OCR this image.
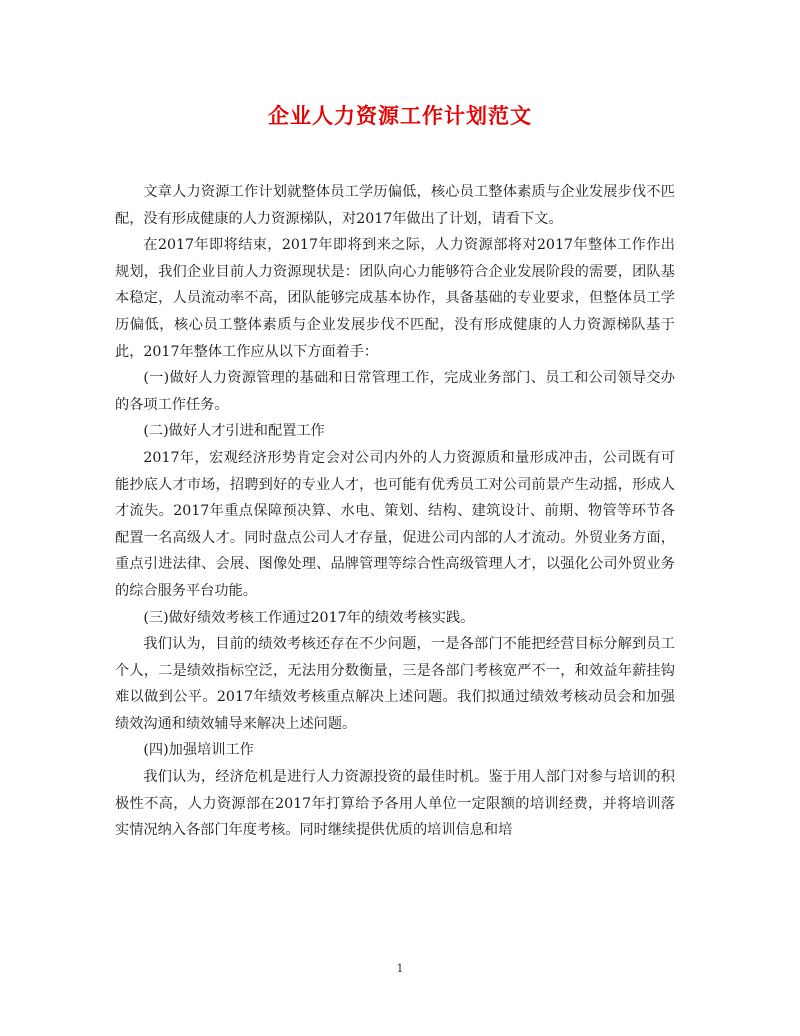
企业人力资源工作计划范文

文章人力资源工作计划就整体员工学历偏低，核心员工整体素质与企业发展步伐不匹配，没有形成健康的人力资源梯队，对2017年做出了计划，请看下文。

在2017年即将结束，2017年即将到来之际，人力资源部将对2017年整体工作作出规划，我们企业目前人力资源现状是：团队向心力能够符合企业发展阶段的需要，团队基本稳定，人员流动率不高，团队能够完成基本协作，具备基础的专业要求，但整体员工学历偏低，核心员工整体素质与企业发展步伐不匹配，没有形成健康的人力资源梯队基于此，2017年整体工作应从以下方面着手：

(一)做好人力资源管理的基础和日常管理工作，完成业务部门、员工和公司领导交办的各项工作任务。

(二)做好人才引进和配置工作

2017年，宏观经济形势肯定会对公司内外的人力资源质和量形成冲击，公司既有可能抄底人才市场，招聘到好的专业人才，也可能有优秀员工对公司前景产生动摇，形成人才流失。2017年重点保障预决算、水电、策划、结构、建筑设计、前期、物管等环节各配置一名高级人才。同时盘点公司人才存量，促进公司内部的人才流动。外贸业务方面，重点引进法律、会展、图像处理、品牌管理等综合性高级管理人才，以强化公司外贸业务的综合服务平台功能。

(三)做好绩效考核工作通过2017年的绩效考核实践。

我们认为，目前的绩效考核还存在不少问题，一是各部门不能把经营目标分解到员工个人，二是绩效指标空泛，无法用分数衡量，三是各部门考核宽严不一，和效益年薪挂钩难以做到公平。2017年绩效考核重点解决上述问题。我们拟通过绩效考核动员会和加强绩效沟通和绩效辅导来解决上述问题。

(四)加强培训工作

我们认为，经济危机是进行人力资源投资的最佳时机。鉴于用人部门对参与培训的积极性不高，人力资源部在2017年打算给予各用人单位一定限额的培训经费，并将培训落实情况纳入各部门年度考核。同时继续提供优质的培训信息和培

1
